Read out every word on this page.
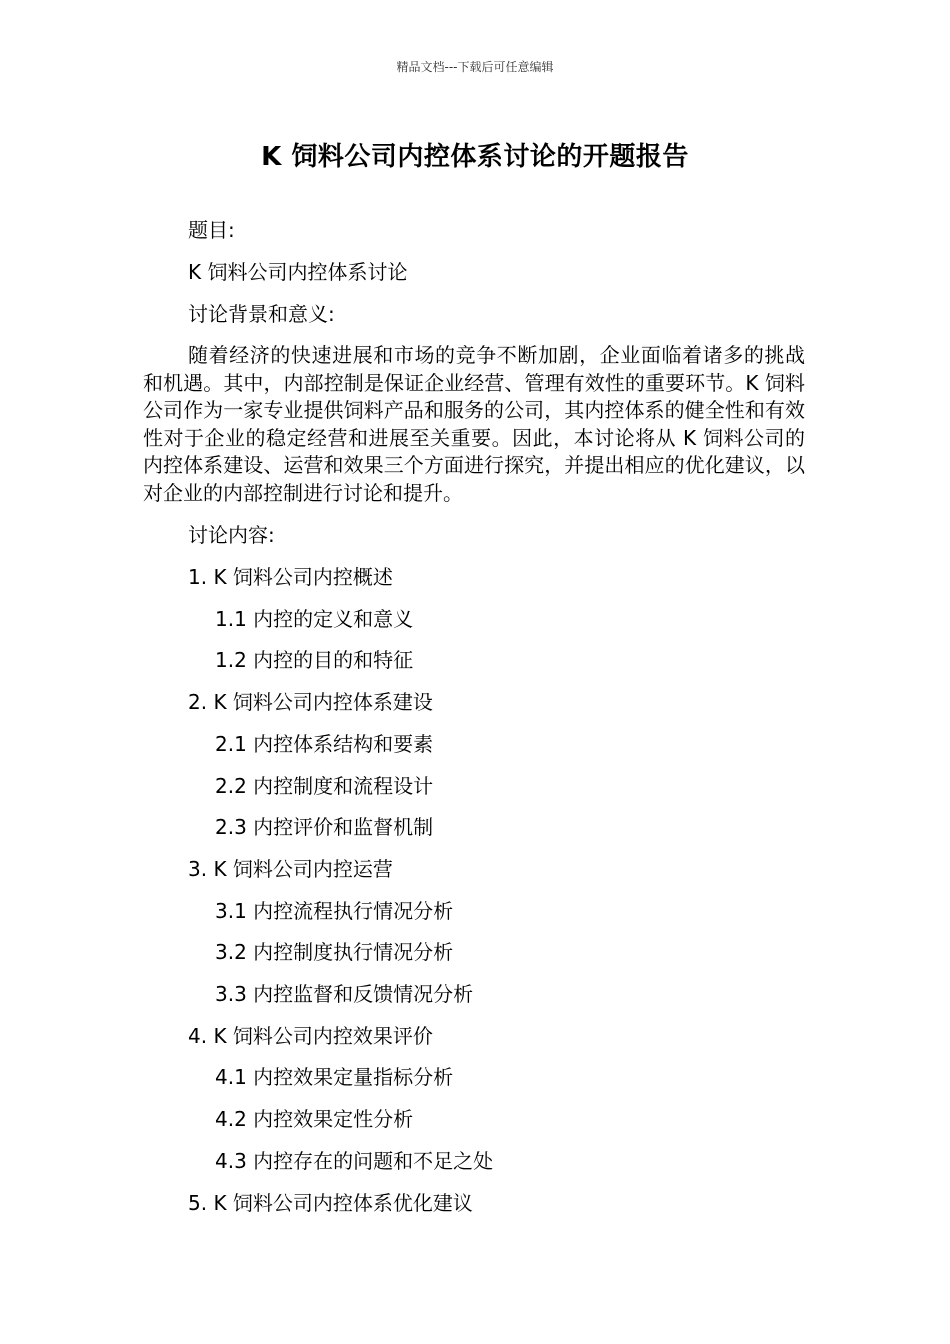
精品文档---下载后可任意编辑
K 饲料公司内控体系讨论的开题报告
题目:
K 饲料公司内控体系讨论
讨论背景和意义:
随着经济的快速进展和市场的竞争不断加剧，企业面临着诸多的挑战和机遇。其中，内部控制是保证企业经营、管理有效性的重要环节。K 饲料公司作为一家专业提供饲料产品和服务的公司，其内控体系的健全性和有效性对于企业的稳定经营和进展至关重要。因此，本讨论将从 K 饲料公司的内控体系建设、运营和效果三个方面进行探究，并提出相应的优化建议，以对企业的内部控制进行讨论和提升。
讨论内容:
1. K 饲料公司内控概述
1.1 内控的定义和意义
1.2 内控的目的和特征
2. K 饲料公司内控体系建设
2.1 内控体系结构和要素
2.2 内控制度和流程设计
2.3 内控评价和监督机制
3. K 饲料公司内控运营
3.1 内控流程执行情况分析
3.2 内控制度执行情况分析
3.3 内控监督和反馈情况分析
4. K 饲料公司内控效果评价
4.1 内控效果定量指标分析
4.2 内控效果定性分析
4.3 内控存在的问题和不足之处
5. K 饲料公司内控体系优化建议
